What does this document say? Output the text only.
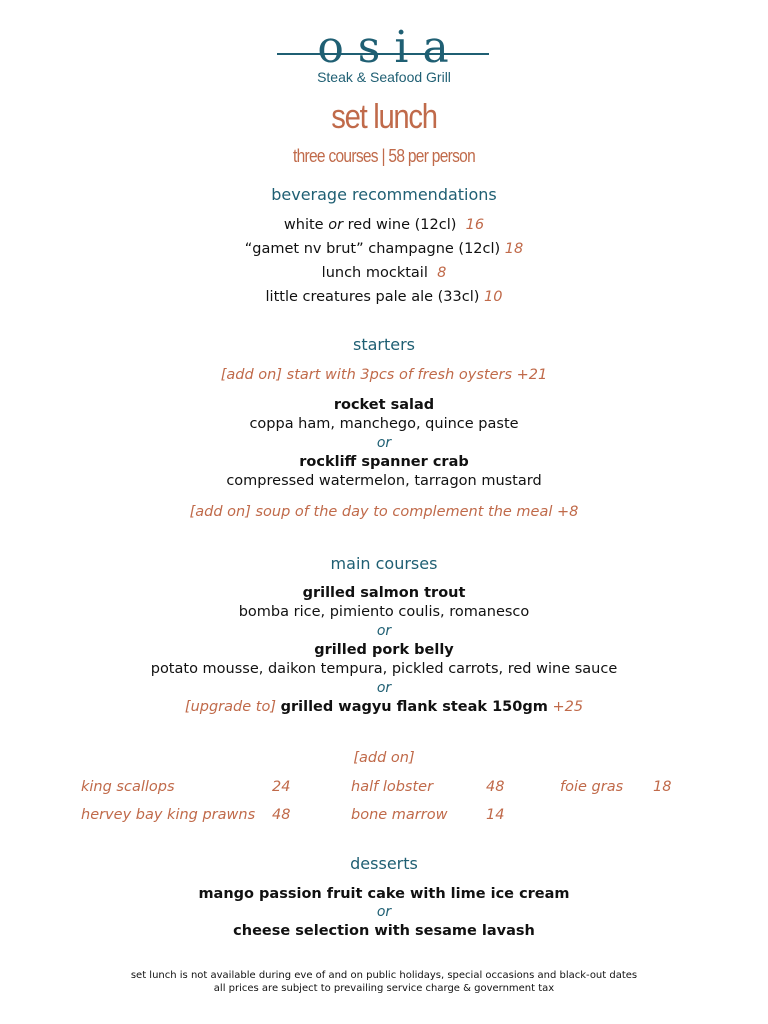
osia
Steak & Seafood Grill
set lunch
three courses | 58 per person
beverage recommendations
white or red wine (12cl) 16
“gamet nv brut” champagne (12cl) 18
lunch mocktail 8
little creatures pale ale (33cl) 10
starters
[add on] start with 3pcs of fresh oysters +21
rocket salad
coppa ham, manchego, quince paste
or
rockliff spanner crab
compressed watermelon, tarragon mustard
[add on] soup of the day to complement the meal +8
main courses
grilled salmon trout
bomba rice, pimiento coulis, romanesco
or
grilled pork belly
potato mousse, daikon tempura, pickled carrots, red wine sauce
or
[upgrade to] grilled wagyu flank steak 150gm +25
[add on]
king scallops	24	half lobster	48	foie gras 18
hervey bay king prawns 48	bone marrow	14
desserts
mango passion fruit cake with lime ice cream
or
cheese selection with sesame lavash
set lunch is not available during eve of and on public holidays, special occasions and black-out dates
all prices are subject to prevailing service charge & government tax
